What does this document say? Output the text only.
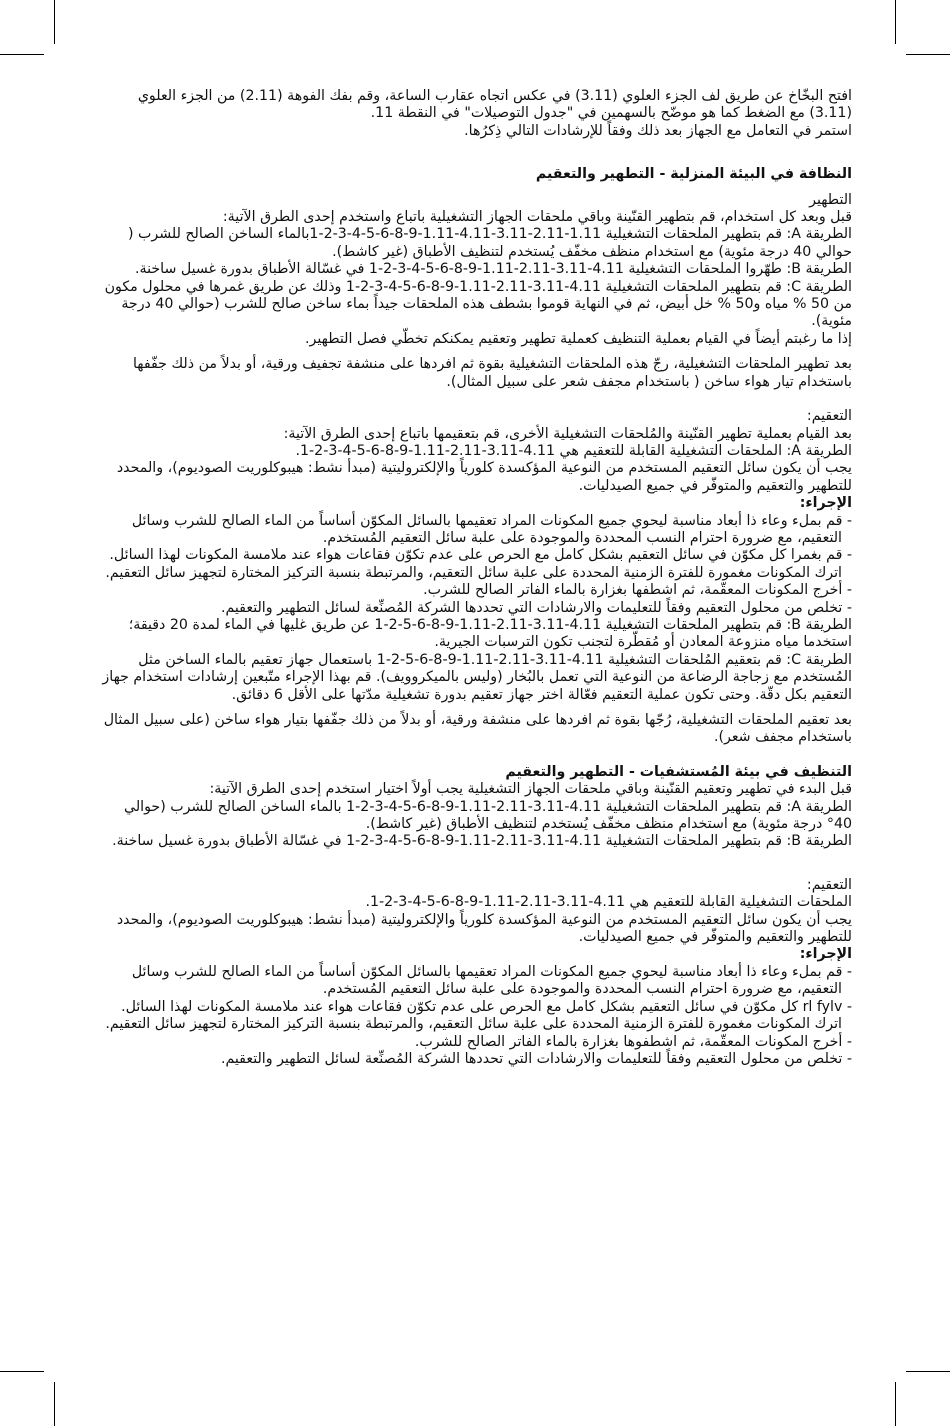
افتح البخّاخ عن طريق لف الجزء العلوي (3.11) في عكس اتجاه عقارب الساعة، وقم بفك الفوهة (2.11) من الجزء العلوي (3.11) مع الضغط كما هو موضّح بالسهمين في "جدول التوصيلات" في النقطة 11.

استمر في التعامل مع الجهاز بعد ذلك وفقاً للإرشادات التالي ذِكرُها.

النظافة في البيئة المنزلية - التطهير والتعقيم

التطهير

قبل وبعد كل استخدام، قم بتطهير القنّينة وباقي ملحقات الجهاز التشغيلية باتباع واستخدم إحدى الطرق الآتية:

الطريقة A: قم بتطهير الملحقات التشغيلية 1.11-2.11-3.11-4.11-1.11-9-8-6-5-4-3-2-1بالماء الساخن الصالح للشرب ( حوالي 40 درجة مئوية) مع استخدام منظف مخفّف يُستخدم لتنظيف الأطباق (غير كاشط).

الطريقة B: طهّروا الملحقات التشغيلية 4.11-3.11-2.11-1.11-9-8-6-5-4-3-2-1 في غسّالة الأطباق بدورة غسيل ساخنة.

الطريقة C: قم بتطهير الملحقات التشغيلية 4.11-3.11-2.11-1.11-9-8-6-5-4-3-2-1 وذلك عن طريق غمرها في محلول مكون من 50 % مياه و50 % خل أبيض، ثم في النهاية قوموا بشطف هذه الملحقات جيداً بماء ساخن صالح للشرب (حوالي 40 درجة مئوية).

إذا ما رغبتم أيضاً في القيام بعملية التنظيف كعملية تطهير وتعقيم يمكنكم تخطّي فصل التطهير.

بعد تطهير الملحقات التشغيلية، رجّ هذه الملحقات التشغيلية بقوة ثم افردها على منشفة تجفيف ورقية، أو بدلاً من ذلك جفّفها باستخدام تيار هواء ساخن ( باستخدام مجفف شعر على سبيل المثال).

التعقيم:

بعد القيام بعملية تطهير القنّينة والمُلحقات التشغيلية الأخرى، قم بتعقيمها باتباع إحدى الطرق الآتية:

الطريقة A: الملحقات التشغيلية القابلة للتعقيم هي 4.11-3.11-2.11-1.11-9-8-6-5-4-3-2-1.

يجب أن يكون سائل التعقيم المستخدم من النوعية المؤكسدة كلورياً والإلكتروليتية (مبدأ نشط: هيبوكلوريت الصوديوم)، والمحدد للتطهير والتعقيم والمتوفّر في جميع الصيدليات.

الإجراء:

- قم بملء وعاء ذا أبعاد مناسبة ليحوي جميع المكونات المراد تعقيمها بالسائل المكوّن أساساً من الماء الصالح للشرب وسائل التعقيم، مع ضرورة احترام النسب المحددة والموجودة على علبة سائل التعقيم المُستخدم.

- قم بغمرا كل مكوّن في سائل التعقيم بشكل كامل مع الحرص على عدم تكوّن فقاعات هواء عند ملامسة المكونات لهذا السائل. اترك المكونات مغمورة للفترة الزمنية المحددة على علبة سائل التعقيم، والمرتبطة بنسبة التركيز المختارة لتجهيز سائل التعقيم.

- أخرج المكونات المعقّمة، ثم اشطفها بغزارة بالماء الفاتر الصالح للشرب.

- تخلص من محلول التعقيم وفقاً للتعليمات والارشادات التي تحددها الشركة المُصنِّعة لسائل التطهير والتعقيم.

الطريقة B: قم بتطهير الملحقات التشغيلية 4.11-3.11-2.11-1.11-9-8-6-5-2-1 عن طريق غليها في الماء لمدة 20 دقيقة؛ استخدما مياه منزوعة المعادن أو مُقطّرة لتجنب تكون الترسبات الجيرية.

الطريقة C: قم بتعقيم المُلحقات التشغيلية 4.11-3.11-2.11-1.11-9-8-6-5-2-1 باستعمال جهاز تعقيم بالماء الساخن مثل المُستخدم مع زجاجة الرضاعة من النوعية التي تعمل بالبُخار (وليس بالميكروويف). قم بهذا الإجراء متّبعين إرشادات استخدام جهاز التعقيم بكل دقّة. وحتى تكون عملية التعقيم فعّالة اختر جهاز تعقيم بدورة تشغيلية مدّتها على الأقل 6 دقائق.

بعد تعقيم الملحقات التشغيلية، رُجّها بقوة ثم افردها على منشفة ورقية، أو بدلاً من ذلك جفّفها بتيار هواء ساخن (على سبيل المثال باستخدام مجفف شعر).

التنظيف في بيئة المُستشفيات - التطهير والتعقيم

قبل البدء في تطهير وتعقيم القنّينة وباقي ملحقات الجهاز التشغيلية يجب أولاً اختيار استخدم إحدى الطرق الآتية:

الطريقة A: قم بتطهير الملحقات التشغيلية 4.11-3.11-2.11-1.11-9-8-6-5-4-3-2-1 بالماء الساخن الصالح للشرب (حوالي 40° درجة مئوية) مع استخدام منظف مخفّف يُستخدم لتنظيف الأطباق (غير كاشط).

الطريقة B: قم بتطهير الملحقات التشغيلية 4.11-3.11-2.11-1.11-9-8-6-5-4-3-2-1 في غسّالة الأطباق بدورة غسيل ساخنة.

التعقيم:

الملحقات التشغيلية القابلة للتعقيم هي 4.11-3.11-2.11-1.11-9-8-6-5-4-3-2-1.

يجب أن يكون سائل التعقيم المستخدم من النوعية المؤكسدة كلورياً والإلكتروليتية (مبدأ نشط: هيبوكلوريت الصوديوم)، والمحدد للتطهير والتعقيم والمتوفّر في جميع الصيدليات.

الإجراء:

- قم بملء وعاء ذا أبعاد مناسبة ليحوي جميع المكونات المراد تعقيمها بالسائل المكوّن أساساً من الماء الصالح للشرب وسائل التعقيم، مع ضرورة احترام النسب المحددة والموجودة على علبة سائل التعقيم المُستخدم.

- rl fylv كل مكوّن في سائل التعقيم بشكل كامل مع الحرص على عدم تكوّن فقاعات هواء عند ملامسة المكونات لهذا السائل. اترك المكونات مغمورة للفترة الزمنية المحددة على علبة سائل التعقيم، والمرتبطة بنسبة التركيز المختارة لتجهيز سائل التعقيم.

- أخرج المكونات المعقّمة، ثم اشطفوها بغزارة بالماء الفاتر الصالح للشرب.

- تخلص من محلول التعقيم وفقاً للتعليمات والارشادات التي تحددها الشركة المُصنِّعة لسائل التطهير والتعقيم.
